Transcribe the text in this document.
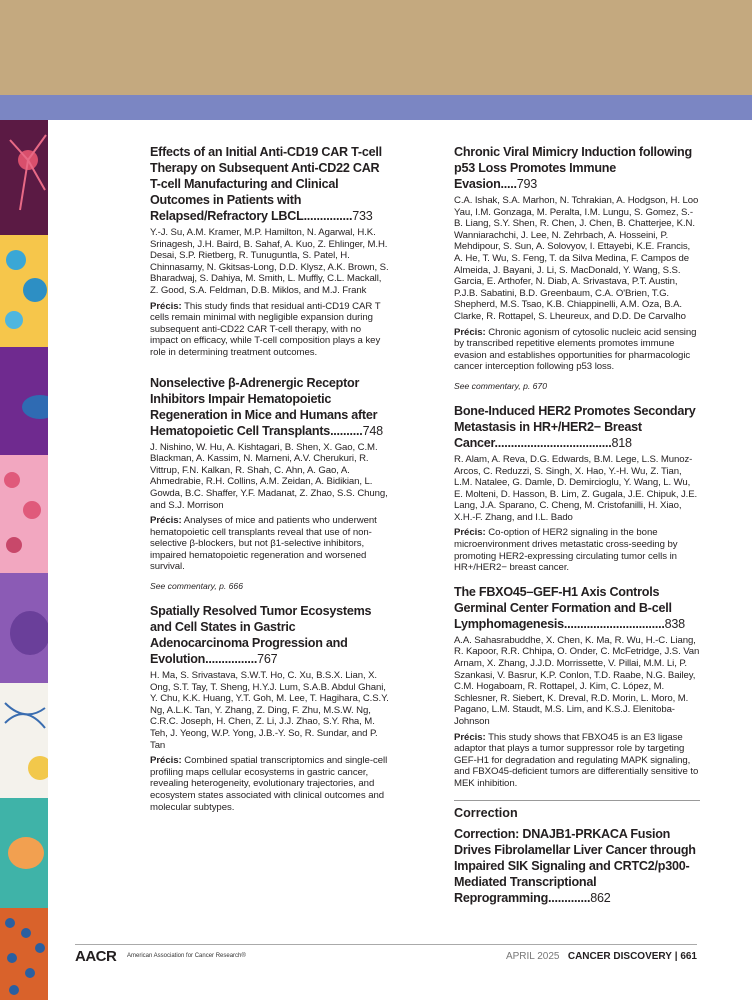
Effects of an Initial Anti-CD19 CAR T-cell Therapy on Subsequent Anti-CD22 CAR T-cell Manufacturing and Clinical Outcomes in Patients with Relapsed/Refractory LBCL...............733
Y.-J. Su, A.M. Kramer, M.P. Hamilton, N. Agarwal, H.K. Srinagesh, J.H. Baird, B. Sahaf, A. Kuo, Z. Ehlinger, M.H. Desai, S.P. Rietberg, R. Tunuguntla, S. Patel, H. Chinnasamy, N. Gkitsas-Long, D.D. Klysz, A.K. Brown, S. Bharadwaj, S. Dahiya, M. Smith, L. Muffly, C.L. Mackall, Z. Good, S.A. Feldman, D.B. Miklos, and M.J. Frank
Précis: This study finds that residual anti-CD19 CAR T cells remain minimal with negligible expansion during subsequent anti-CD22 CAR T-cell therapy, with no impact on efficacy, while T-cell composition plays a key role in determining treatment outcomes.
Nonselective β-Adrenergic Receptor Inhibitors Impair Hematopoietic Regeneration in Mice and Humans after Hematopoietic Cell Transplants..........748
J. Nishino, W. Hu, A. Kishtagari, B. Shen, X. Gao, C.M. Blackman, A. Kassim, N. Marneni, A.V. Cherukuri, R. Vittrup, F.N. Kalkan, R. Shah, C. Ahn, A. Gao, A. Ahmedrabie, R.H. Collins, A.M. Zeidan, A. Bidikian, L. Gowda, B.C. Shaffer, Y.F. Madanat, Z. Zhao, S.S. Chung, and S.J. Morrison
Précis: Analyses of mice and patients who underwent hematopoietic cell transplants reveal that use of non-selective β-blockers, but not β1-selective inhibitors, impaired hematopoietic regeneration and worsened survival.
See commentary, p. 666
Spatially Resolved Tumor Ecosystems and Cell States in Gastric Adenocarcinoma Progression and Evolution................767
H. Ma, S. Srivastava, S.W.T. Ho, C. Xu, B.S.X. Lian, X. Ong, S.T. Tay, T. Sheng, H.Y.J. Lum, S.A.B. Abdul Ghani, Y. Chu, K.K. Huang, Y.T. Goh, M. Lee, T. Hagihara, C.S.Y. Ng, A.L.K. Tan, Y. Zhang, Z. Ding, F. Zhu, M.S.W. Ng, C.R.C. Joseph, H. Chen, Z. Li, J.J. Zhao, S.Y. Rha, M. Teh, J. Yeong, W.P. Yong, J.B.-Y. So, R. Sundar, and P. Tan
Précis: Combined spatial transcriptomics and single-cell profiling maps cellular ecosystems in gastric cancer, revealing heterogeneity, evolutionary trajectories, and ecosystem states associated with clinical outcomes and molecular subtypes.
Chronic Viral Mimicry Induction following p53 Loss Promotes Immune Evasion.....793
C.A. Ishak, S.A. Marhon, N. Tchrakian, A. Hodgson, H. Loo Yau, I.M. Gonzaga, M. Peralta, I.M. Lungu, S. Gomez, S.-B. Liang, S.Y. Shen, R. Chen, J. Chen, B. Chatterjee, K.N. Wanniarachchi, J. Lee, N. Zehrbach, A. Hosseini, P. Mehdipour, S. Sun, A. Solovyov, I. Ettayebi, K.E. Francis, A. He, T. Wu, S. Feng, T. da Silva Medina, F. Campos de Almeida, J. Bayani, J. Li, S. MacDonald, Y. Wang, S.S. Garcia, E. Arthofer, N. Diab, A. Srivastava, P.T. Austin, P.J.B. Sabatini, B.D. Greenbaum, C.A. O'Brien, T.G. Shepherd, M.S. Tsao, K.B. Chiappinelli, A.M. Oza, B.A. Clarke, R. Rottapel, S. Lheureux, and D.D. De Carvalho
Précis: Chronic agonism of cytosolic nucleic acid sensing by transcribed repetitive elements promotes immune evasion and establishes opportunities for pharmacologic cancer interception following p53 loss.
See commentary, p. 670
Bone-Induced HER2 Promotes Secondary Metastasis in HR+/HER2− Breast Cancer....................................818
R. Alam, A. Reva, D.G. Edwards, B.M. Lege, L.S. Munoz-Arcos, C. Reduzzi, S. Singh, X. Hao, Y.-H. Wu, Z. Tian, L.M. Natalee, G. Damle, D. Demircioglu, Y. Wang, L. Wu, E. Molteni, D. Hasson, B. Lim, Z. Gugala, J.E. Chipuk, J.E. Lang, J.A. Sparano, C. Cheng, M. Cristofanilli, H. Xiao, X.H.-F. Zhang, and I.L. Bado
Précis: Co-option of HER2 signaling in the bone microenvironment drives metastatic cross-seeding by promoting HER2-expressing circulating tumor cells in HR+/HER2− breast cancer.
The FBXO45–GEF-H1 Axis Controls Germinal Center Formation and B-cell Lymphomagenesis...............................838
A.A. Sahasrabuddhe, X. Chen, K. Ma, R. Wu, H.-C. Liang, R. Kapoor, R.R. Chhipa, O. Onder, C. McFetridge, J.S. Van Arnam, X. Zhang, J.J.D. Morrissette, V. Pillai, M.M. Li, P. Szankasi, V. Basrur, K.P. Conlon, T.D. Raabe, N.G. Bailey, C.M. Hogaboam, R. Rottapel, J. Kim, C. López, M. Schlesner, R. Siebert, K. Dreval, R.D. Morin, L. Moro, M. Pagano, L.M. Staudt, M.S. Lim, and K.S.J. Elenitoba-Johnson
Précis: This study shows that FBXO45 is an E3 ligase adaptor that plays a tumor suppressor role by targeting GEF-H1 for degradation and regulating MAPK signaling, and FBXO45-deficient tumors are differentially sensitive to MEK inhibition.
Correction
Correction: DNAJB1-PRKACA Fusion Drives Fibrolamellar Liver Cancer through Impaired SIK Signaling and CRTC2/p300-Mediated Transcriptional Reprogramming.............862
AACR American Association for Cancer Research®	APRIL 2025 CANCER DISCOVERY | 661
